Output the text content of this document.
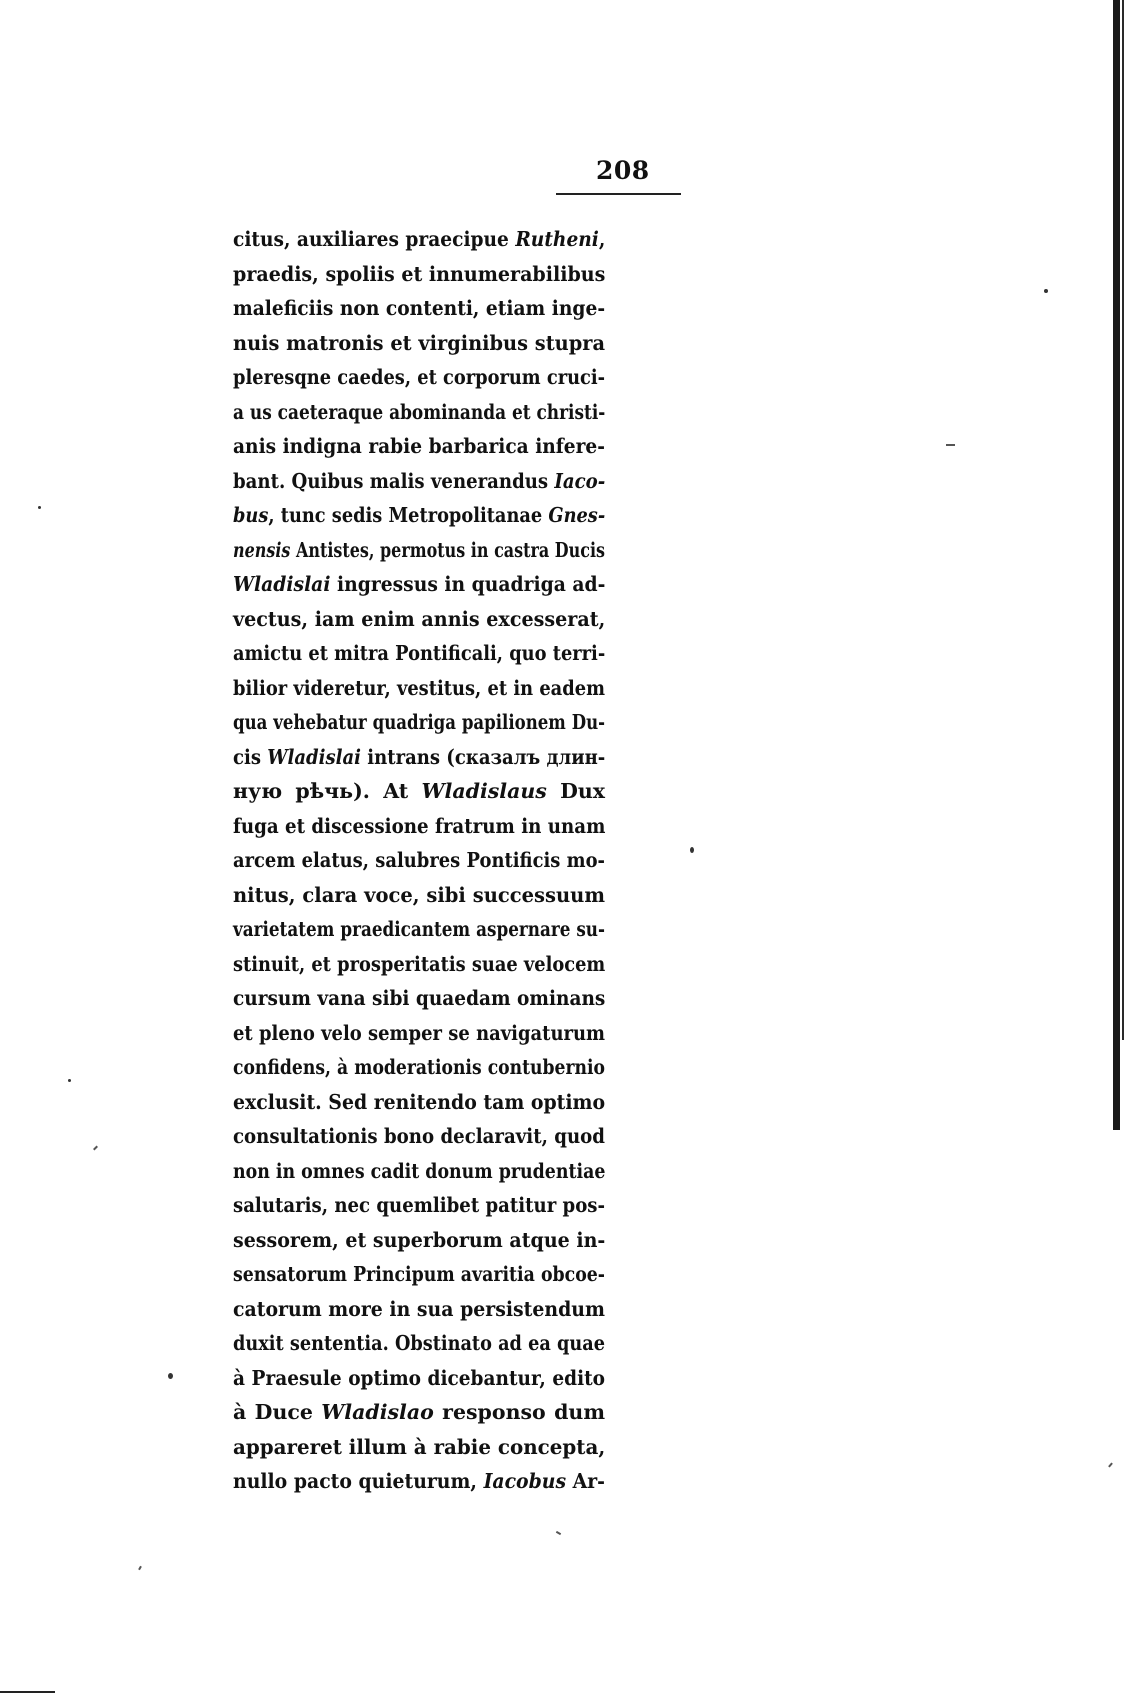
208
citus, auxiliares praecipue Rutheni,
praedis, spoliis et innumerabilibus
maleficiis non contenti, etiam inge-
nuis matronis et virginibus stupra
pleresqne caedes, et corporum cruci-
a us caeteraque abominanda et christi-
anis indigna rabie barbarica infere-
bant. Quibus malis venerandus Iaco-
bus, tunc sedis Metropolitanae Gnes-
nensis Antistes, permotus in castra Ducis
Wladislai ingressus in quadriga ad-
vectus, iam enim annis excesserat,
amictu et mitra Pontificali, quo terri-
bilior videretur, vestitus, et in eadem
qua vehebatur quadriga papilionem Du-
cis Wladislai intrans (сказалъ длин-
ную рѣчь). At Wladislaus Dux
fuga et discessione fratrum in unam
arcem elatus, salubres Pontificis mo-
nitus, clara voce, sibi successuum
varietatem praedicantem aspernare su-
stinuit, et prosperitatis suae velocem
cursum vana sibi quaedam ominans
et pleno velo semper se navigaturum
confidens, à moderationis contubernio
exclusit. Sed renitendo tam optimo
consultationis bono declaravit, quod
non in omnes cadit donum prudentiae
salutaris, nec quemlibet patitur pos-
sessorem, et superborum atque in-
sensatorum Principum avaritia obcoe-
catorum more in sua persistendum
duxit sententia. Obstinato ad ea quae
à Praesule optimo dicebantur, edito
à Duce Wladislao responso dum
appareret illum à rabie concepta,
nullo pacto quieturum, Iacobus Ar-
